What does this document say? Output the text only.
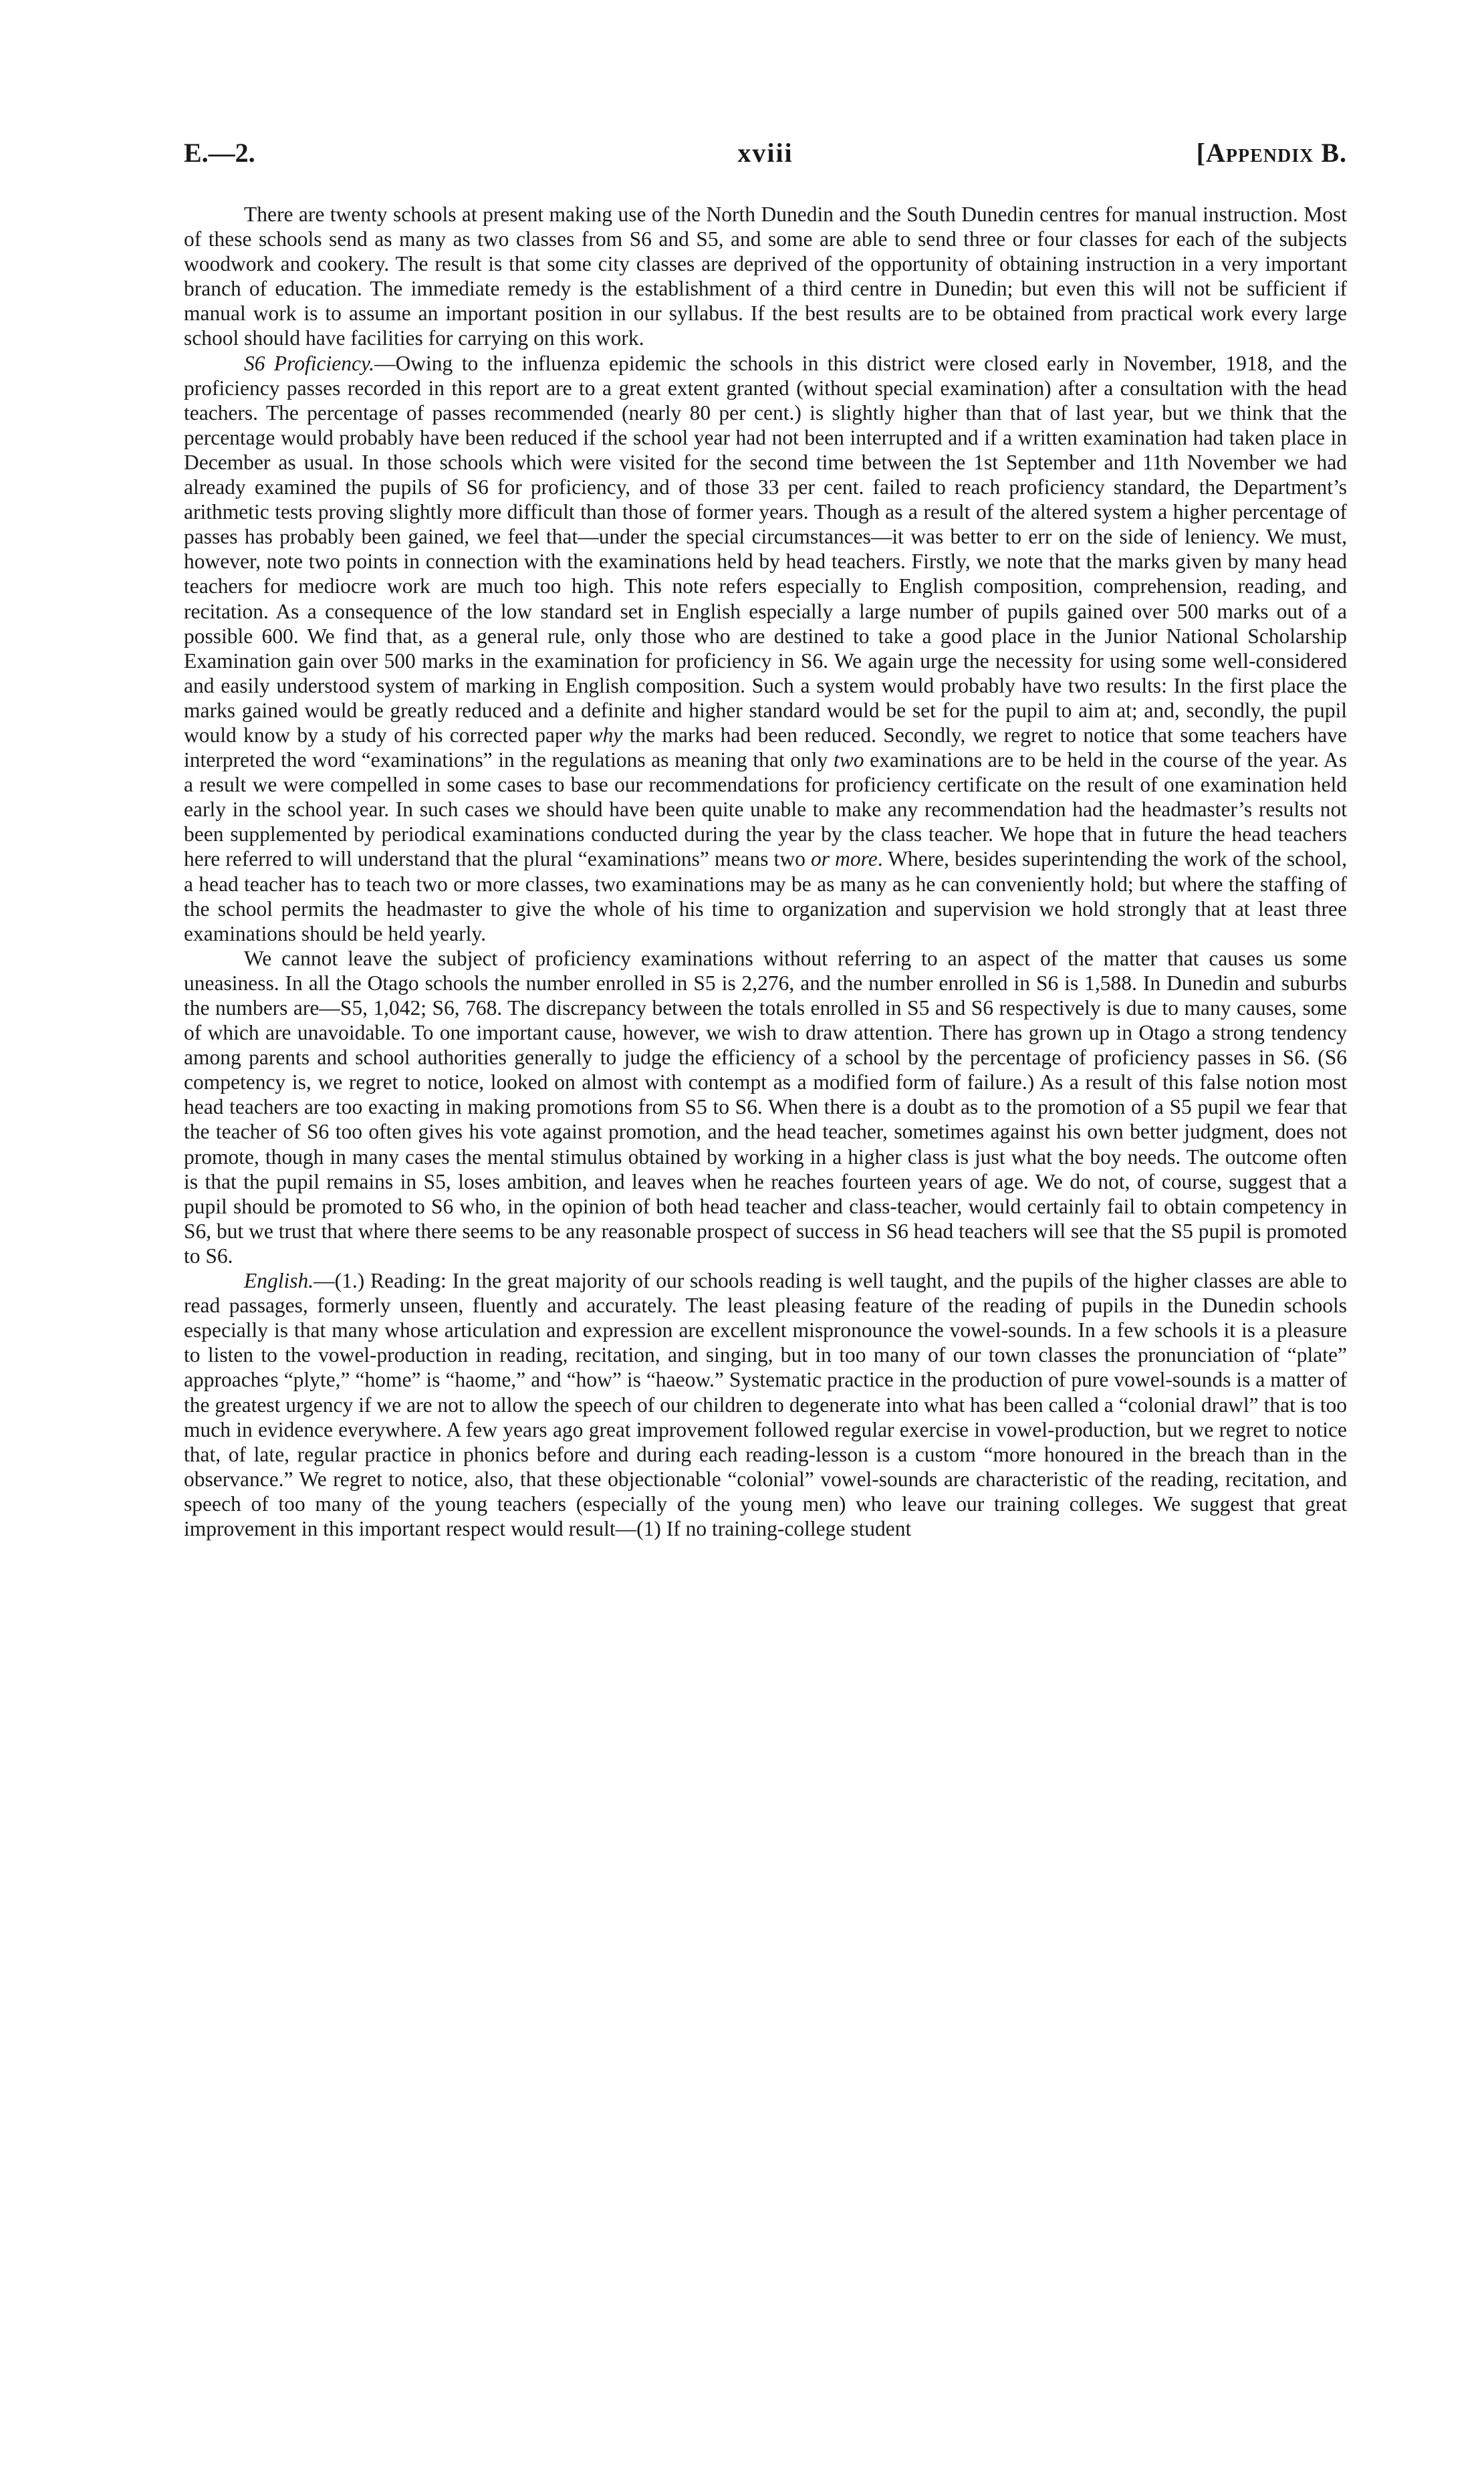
E.—2.	xviii	[Appendix B.

There are twenty schools at present making use of the North Dunedin and the South Dunedin centres for manual instruction. Most of these schools send as many as two classes from S6 and S5, and some are able to send three or four classes for each of the subjects woodwork and cookery. The result is that some city classes are deprived of the opportunity of obtaining instruction in a very important branch of education. The immediate remedy is the establishment of a third centre in Dunedin; but even this will not be sufficient if manual work is to assume an important position in our syllabus. If the best results are to be obtained from practical work every large school should have facilities for carrying on this work.

S6 Proficiency.—Owing to the influenza epidemic the schools in this district were closed early in November, 1918, and the proficiency passes recorded in this report are to a great extent granted (without special examination) after a consultation with the head teachers. The percentage of passes recommended (nearly 80 per cent.) is slightly higher than that of last year, but we think that the percentage would probably have been reduced if the school year had not been interrupted and if a written examination had taken place in December as usual. In those schools which were visited for the second time between the 1st September and 11th November we had already examined the pupils of S6 for proficiency, and of those 33 per cent. failed to reach proficiency standard, the Department’s arithmetic tests proving slightly more difficult than those of former years. Though as a result of the altered system a higher percentage of passes has probably been gained, we feel that—under the special circumstances—it was better to err on the side of leniency. We must, however, note two points in connection with the examinations held by head teachers. Firstly, we note that the marks given by many head teachers for mediocre work are much too high. This note refers especially to English composition, comprehension, reading, and recitation. As a consequence of the low standard set in English especially a large number of pupils gained over 500 marks out of a possible 600. We find that, as a general rule, only those who are destined to take a good place in the Junior National Scholarship Examination gain over 500 marks in the examination for proficiency in S6. We again urge the necessity for using some well-considered and easily understood system of marking in English composition. Such a system would probably have two results: In the first place the marks gained would be greatly reduced and a definite and higher standard would be set for the pupil to aim at; and, secondly, the pupil would know by a study of his corrected paper why the marks had been reduced. Secondly, we regret to notice that some teachers have interpreted the word “examinations” in the regulations as meaning that only two examinations are to be held in the course of the year. As a result we were compelled in some cases to base our recommendations for proficiency certificate on the result of one examination held early in the school year. In such cases we should have been quite unable to make any recommendation had the headmaster’s results not been supplemented by periodical examinations conducted during the year by the class teacher. We hope that in future the head teachers here referred to will understand that the plural “examinations” means two or more. Where, besides superintending the work of the school, a head teacher has to teach two or more classes, two examinations may be as many as he can conveniently hold; but where the staffing of the school permits the headmaster to give the whole of his time to organization and supervision we hold strongly that at least three examinations should be held yearly.

We cannot leave the subject of proficiency examinations without referring to an aspect of the matter that causes us some uneasiness. In all the Otago schools the number enrolled in S5 is 2,276, and the number enrolled in S6 is 1,588. In Dunedin and suburbs the numbers are—S5, 1,042; S6, 768. The discrepancy between the totals enrolled in S5 and S6 respectively is due to many causes, some of which are unavoidable. To one important cause, however, we wish to draw attention. There has grown up in Otago a strong tendency among parents and school authorities generally to judge the efficiency of a school by the percentage of proficiency passes in S6. (S6 competency is, we regret to notice, looked on almost with contempt as a modified form of failure.) As a result of this false notion most head teachers are too exacting in making promotions from S5 to S6. When there is a doubt as to the promotion of a S5 pupil we fear that the teacher of S6 too often gives his vote against promotion, and the head teacher, sometimes against his own better judgment, does not promote, though in many cases the mental stimulus obtained by working in a higher class is just what the boy needs. The outcome often is that the pupil remains in S5, loses ambition, and leaves when he reaches fourteen years of age. We do not, of course, suggest that a pupil should be promoted to S6 who, in the opinion of both head teacher and class-teacher, would certainly fail to obtain competency in S6, but we trust that where there seems to be any reasonable prospect of success in S6 head teachers will see that the S5 pupil is promoted to S6.

English.—(1.) Reading: In the great majority of our schools reading is well taught, and the pupils of the higher classes are able to read passages, formerly unseen, fluently and accurately. The least pleasing feature of the reading of pupils in the Dunedin schools especially is that many whose articulation and expression are excellent mispronounce the vowel-sounds. In a few schools it is a pleasure to listen to the vowel-production in reading, recitation, and singing, but in too many of our town classes the pronunciation of “plate” approaches “plyte,” “home” is “haome,” and “how” is “haeow.” Systematic practice in the production of pure vowel-sounds is a matter of the greatest urgency if we are not to allow the speech of our children to degenerate into what has been called a “colonial drawl” that is too much in evidence everywhere. A few years ago great improvement followed regular exercise in vowel-production, but we regret to notice that, of late, regular practice in phonics before and during each reading-lesson is a custom “more honoured in the breach than in the observance.” We regret to notice, also, that these objectionable “colonial” vowel-sounds are characteristic of the reading, recitation, and speech of too many of the young teachers (especially of the young men) who leave our training colleges. We suggest that great improvement in this important respect would result—(1) If no training-college student
